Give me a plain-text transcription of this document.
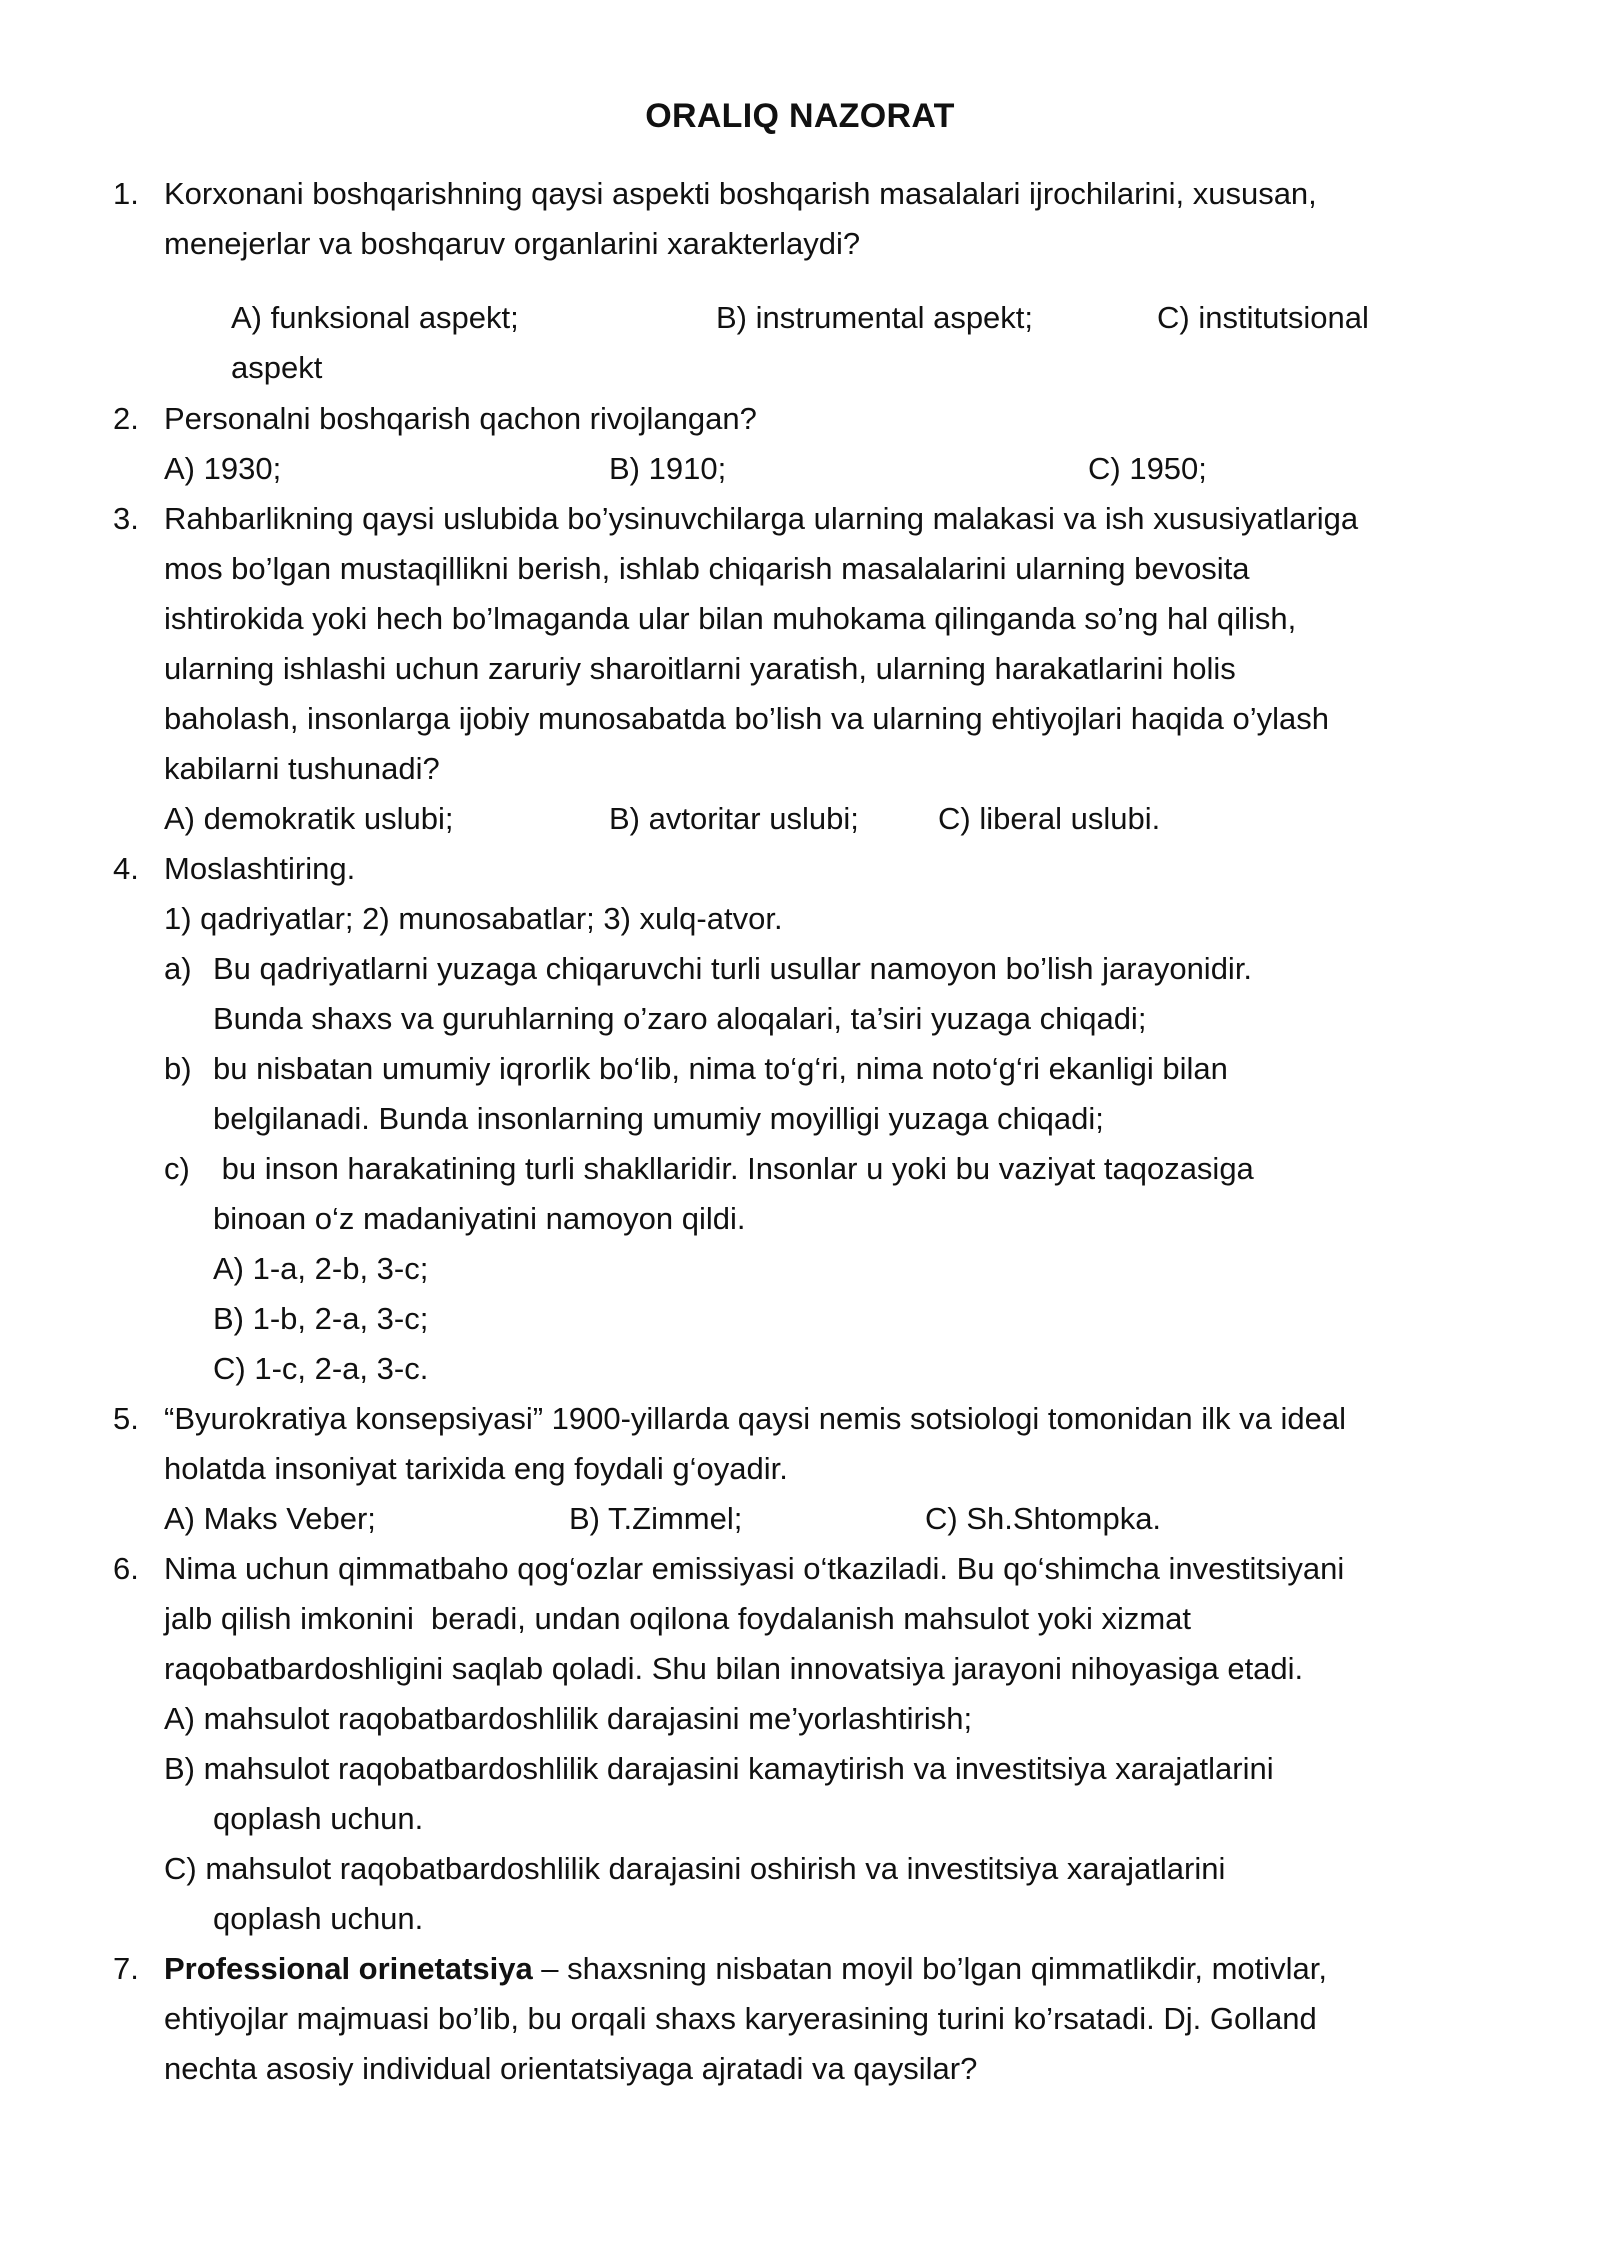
ORALIQ NAZORAT
1. Korxonani boshqarishning qaysi aspekti boshqarish masalalari ijrochilarini, xususan,
menejerlar va boshqaruv organlarini xarakterlaydi?
A) funksional aspekt;	B) instrumental aspekt;	C) institutsional
aspekt
2. Personalni boshqarish qachon rivojlangan?
A) 1930;	B) 1910;	C) 1950;
3. Rahbarlikning qaysi uslubida bo’ysinuvchilarga ularning malakasi va ish xususiyatlariga
mos bo’lgan mustaqillikni berish, ishlab chiqarish masalalarini ularning bevosita
ishtirokida yoki hech bo’lmaganda ular bilan muhokama qilinganda so’ng hal qilish,
ularning ishlashi uchun zaruriy sharoitlarni yaratish, ularning harakatlarini holis
baholash, insonlarga ijobiy munosabatda bo’lish va ularning ehtiyojlari haqida o’ylash
kabilarni tushunadi?
A) demokratik uslubi;	B) avtoritar uslubi;	C) liberal uslubi.
4. Moslashtiring.
1) qadriyatlar; 2) munosabatlar; 3) xulq-atvor.
a) Bu qadriyatlarni yuzaga chiqaruvchi turli usullar namoyon bo’lish jarayonidir.
Bunda shaxs va guruhlarning o’zaro aloqalari, ta’siri yuzaga chiqadi;
b) bu nisbatan umumiy iqrorlik bo‘lib, nima to‘g‘ri, nima noto‘g‘ri ekanligi bilan
belgilanadi. Bunda insonlarning umumiy moyilligi yuzaga chiqadi;
c) bu inson harakatining turli shakllaridir. Insonlar u yoki bu vaziyat taqozasiga
binoan o‘z madaniyatini namoyon qildi.
A) 1-a, 2-b, 3-c;
B) 1-b, 2-a, 3-c;
C) 1-c, 2-a, 3-c.
5. “Byurokratiya konsepsiyasi” 1900-yillarda qaysi nemis sotsiologi tomonidan ilk va ideal
holatda insoniyat tarixida eng foydali g‘oyadir.
A) Maks Veber;	B) T.Zimmel;	C) Sh.Shtompka.
6. Nima uchun qimmatbaho qog‘ozlar emissiyasi o‘tkaziladi. Bu qo‘shimcha investitsiyani
jalb qilish imkonini  beradi, undan oqilona foydalanish mahsulot yoki xizmat
raqobatbardoshligini saqlab qoladi. Shu bilan innovatsiya jarayoni nihoyasiga etadi.
A) mahsulot raqobatbardoshlilik darajasini me’yorlashtirish;
B) mahsulot raqobatbardoshlilik darajasini kamaytirish va investitsiya xarajatlarini
qoplash uchun.
C) mahsulot raqobatbardoshlilik darajasini oshirish va investitsiya xarajatlarini
qoplash uchun.
7. Professional orinetatsiya – shaxsning nisbatan moyil bo’lgan qimmatlikdir, motivlar,
ehtiyojlar majmuasi bo’lib, bu orqali shaxs karyerasining turini ko’rsatadi. Dj. Golland
nechta asosiy individual orientatsiyaga ajratadi va qaysilar?
